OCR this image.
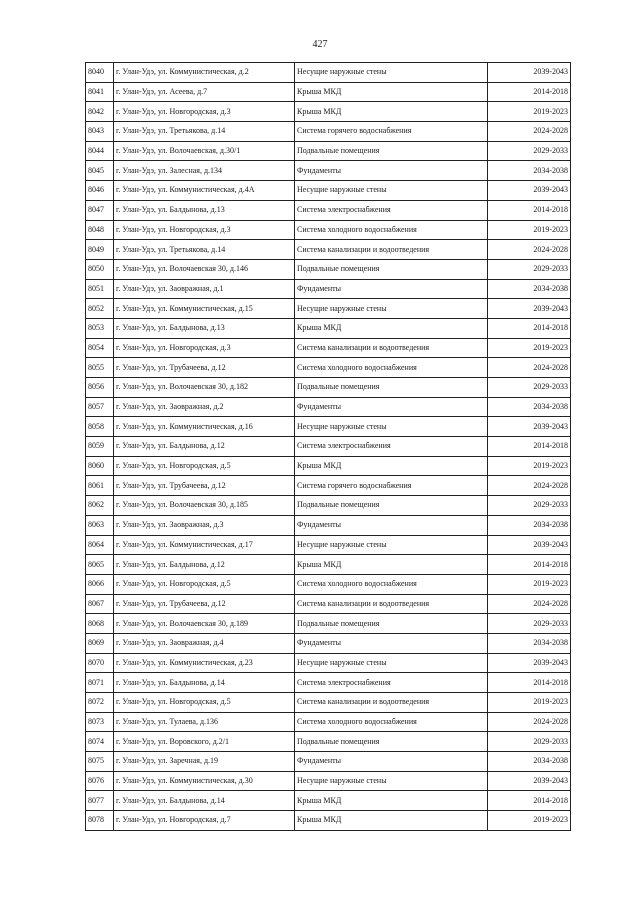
427
8040	г. Улан-Удэ, ул. Коммунистическая, д.2	Несущие наружные стены	2039-2043
8041	г. Улан-Удэ, ул. Асеева, д.7	Крыша МКД	2014-2018
8042	г. Улан-Удэ, ул. Новгородская, д.3	Крыша МКД	2019-2023
8043	г. Улан-Удэ, ул. Третьякова, д.14	Система горячего водоснабжения	2024-2028
8044	г. Улан-Удэ, ул. Волочаевская, д.30/1	Подвальные помещения	2029-2033
8045	г. Улан-Удэ, ул. Залесная, д.134	Фундаменты	2034-2038
8046	г. Улан-Удэ, ул. Коммунистическая, д.4А	Несущие наружные стены	2039-2043
8047	г. Улан-Удэ, ул. Балдынова, д.13	Система электроснабжения	2014-2018
8048	г. Улан-Удэ, ул. Новгородская, д.3	Система холодного водоснабжения	2019-2023
8049	г. Улан-Удэ, ул. Третьякова, д.14	Система канализации и водоотведения	2024-2028
8050	г. Улан-Удэ, ул. Волочаевская 30, д.146	Подвальные помещения	2029-2033
8051	г. Улан-Удэ, ул. Заовражная, д.1	Фундаменты	2034-2038
8052	г. Улан-Удэ, ул. Коммунистическая, д.15	Несущие наружные стены	2039-2043
8053	г. Улан-Удэ, ул. Балдынова, д.13	Крыша МКД	2014-2018
8054	г. Улан-Удэ, ул. Новгородская, д.3	Система канализации и водоотведения	2019-2023
8055	г. Улан-Удэ, ул. Трубачеева, д.12	Система холодного водоснабжения	2024-2028
8056	г. Улан-Удэ, ул. Волочаевская 30, д.182	Подвальные помещения	2029-2033
8057	г. Улан-Удэ, ул. Заовражная, д.2	Фундаменты	2034-2038
8058	г. Улан-Удэ, ул. Коммунистическая, д.16	Несущие наружные стены	2039-2043
8059	г. Улан-Удэ, ул. Балдынова, д.12	Система электроснабжения	2014-2018
8060	г. Улан-Удэ, ул. Новгородская, д.5	Крыша МКД	2019-2023
8061	г. Улан-Удэ, ул. Трубачеева, д.12	Система горячего водоснабжения	2024-2028
8062	г. Улан-Удэ, ул. Волочаевская 30, д.185	Подвальные помещения	2029-2033
8063	г. Улан-Удэ, ул. Заовражная, д.3	Фундаменты	2034-2038
8064	г. Улан-Удэ, ул. Коммунистическая, д.17	Несущие наружные стены	2039-2043
8065	г. Улан-Удэ, ул. Балдынова, д.12	Крыша МКД	2014-2018
8066	г. Улан-Удэ, ул. Новгородская, д.5	Система холодного водоснабжения	2019-2023
8067	г. Улан-Удэ, ул. Трубачеева, д.12	Система канализации и водоотведения	2024-2028
8068	г. Улан-Удэ, ул. Волочаевская 30, д.189	Подвальные помещения	2029-2033
8069	г. Улан-Удэ, ул. Заовражная, д.4	Фундаменты	2034-2038
8070	г. Улан-Удэ, ул. Коммунистическая, д.23	Несущие наружные стены	2039-2043
8071	г. Улан-Удэ, ул. Балдынова, д.14	Система электроснабжения	2014-2018
8072	г. Улан-Удэ, ул. Новгородская, д.5	Система канализации и водоотведения	2019-2023
8073	г. Улан-Удэ, ул. Тулаева, д.136	Система холодного водоснабжения	2024-2028
8074	г. Улан-Удэ, ул. Воровского, д.2/1	Подвальные помещения	2029-2033
8075	г. Улан-Удэ, ул. Заречная, д.19	Фундаменты	2034-2038
8076	г. Улан-Удэ, ул. Коммунистическая, д.30	Несущие наружные стены	2039-2043
8077	г. Улан-Удэ, ул. Балдынова, д.14	Крыша МКД	2014-2018
8078	г. Улан-Удэ, ул. Новгородская, д.7	Крыша МКД	2019-2023
